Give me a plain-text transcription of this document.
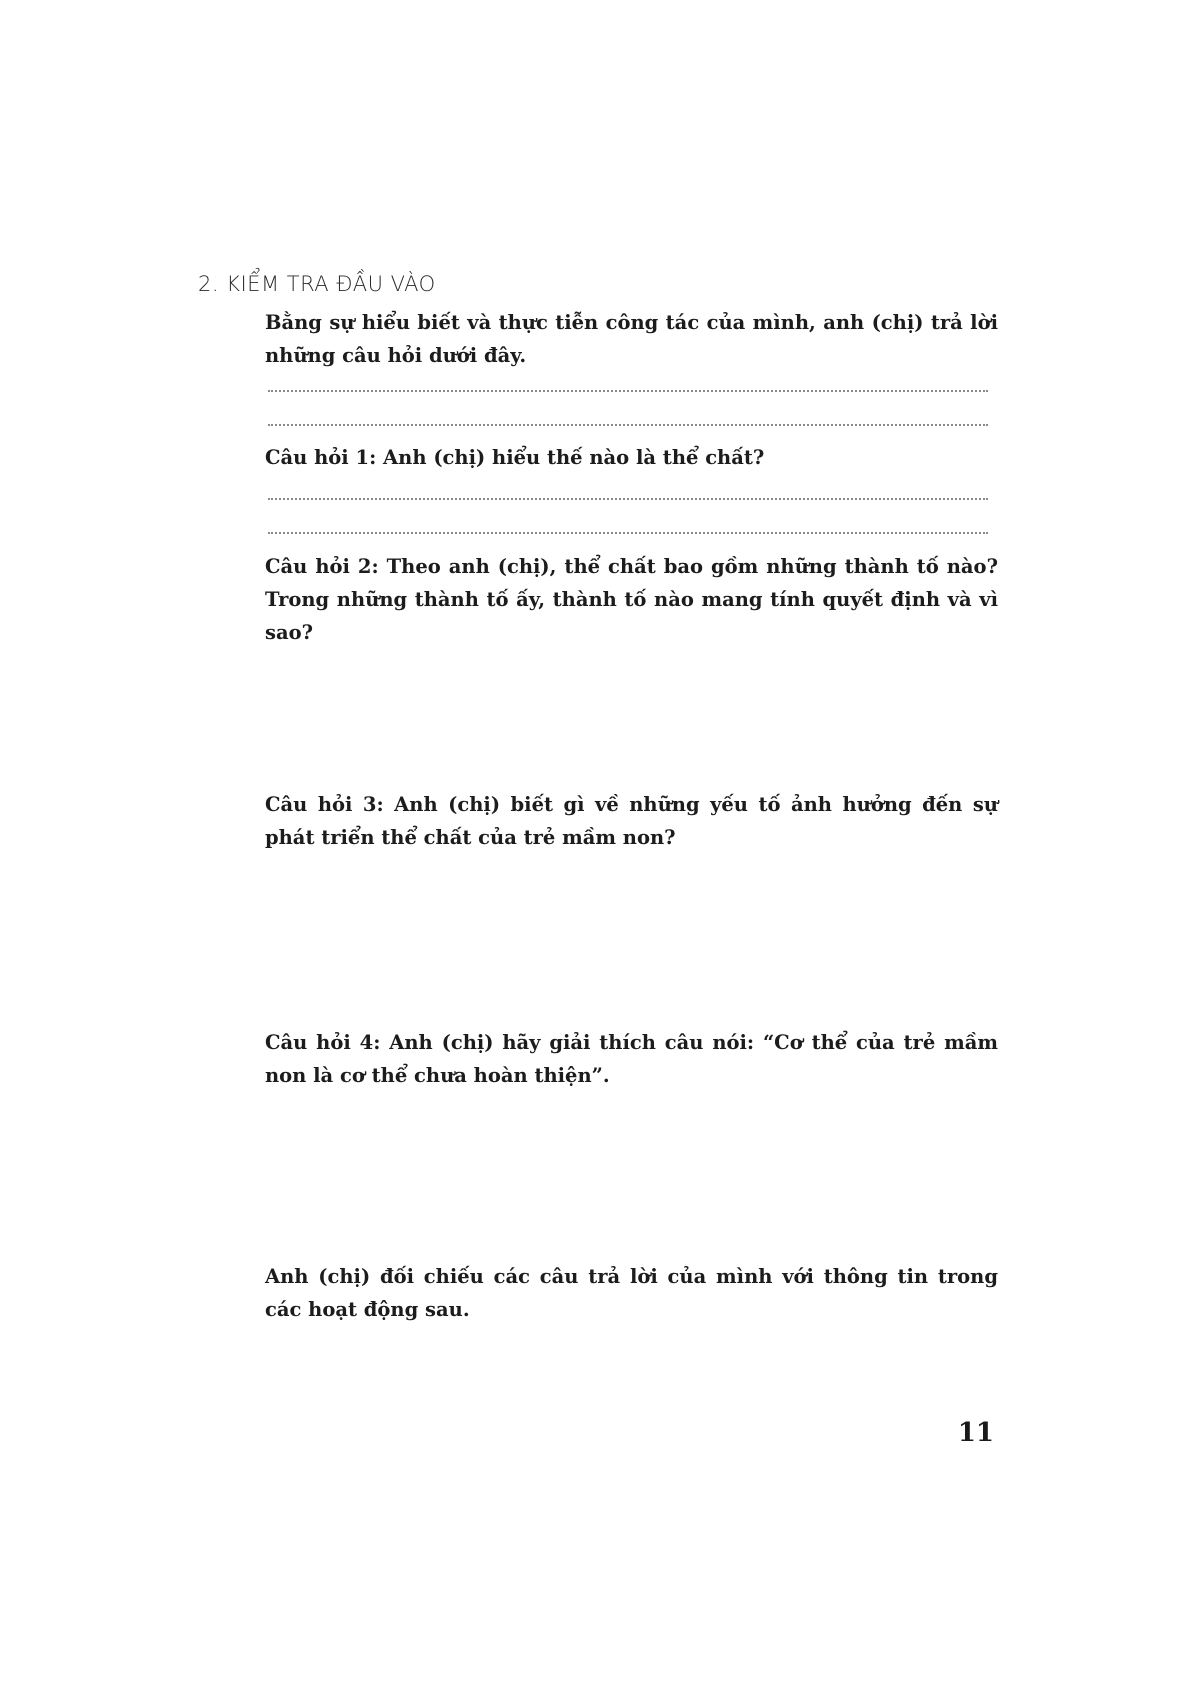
2. KIỂM TRA ĐẦU VÀO

Bằng sự hiểu biết và thực tiễn công tác của mình, anh (chị) trả lời những câu hỏi dưới đây.

Câu hỏi 1: Anh (chị) hiểu thế nào là thể chất?

Câu hỏi 2: Theo anh (chị), thể chất bao gồm những thành tố nào? Trong những thành tố ấy, thành tố nào mang tính quyết định và vì sao?

Câu hỏi 3: Anh (chị) biết gì về những yếu tố ảnh hưởng đến sự phát triển thể chất của trẻ mầm non?

Câu hỏi 4: Anh (chị) hãy giải thích câu nói: “Cơ thể của trẻ mầm non là cơ thể chưa hoàn thiện”.

Anh (chị) đối chiếu các câu trả lời của mình với thông tin trong các hoạt động sau.

11
